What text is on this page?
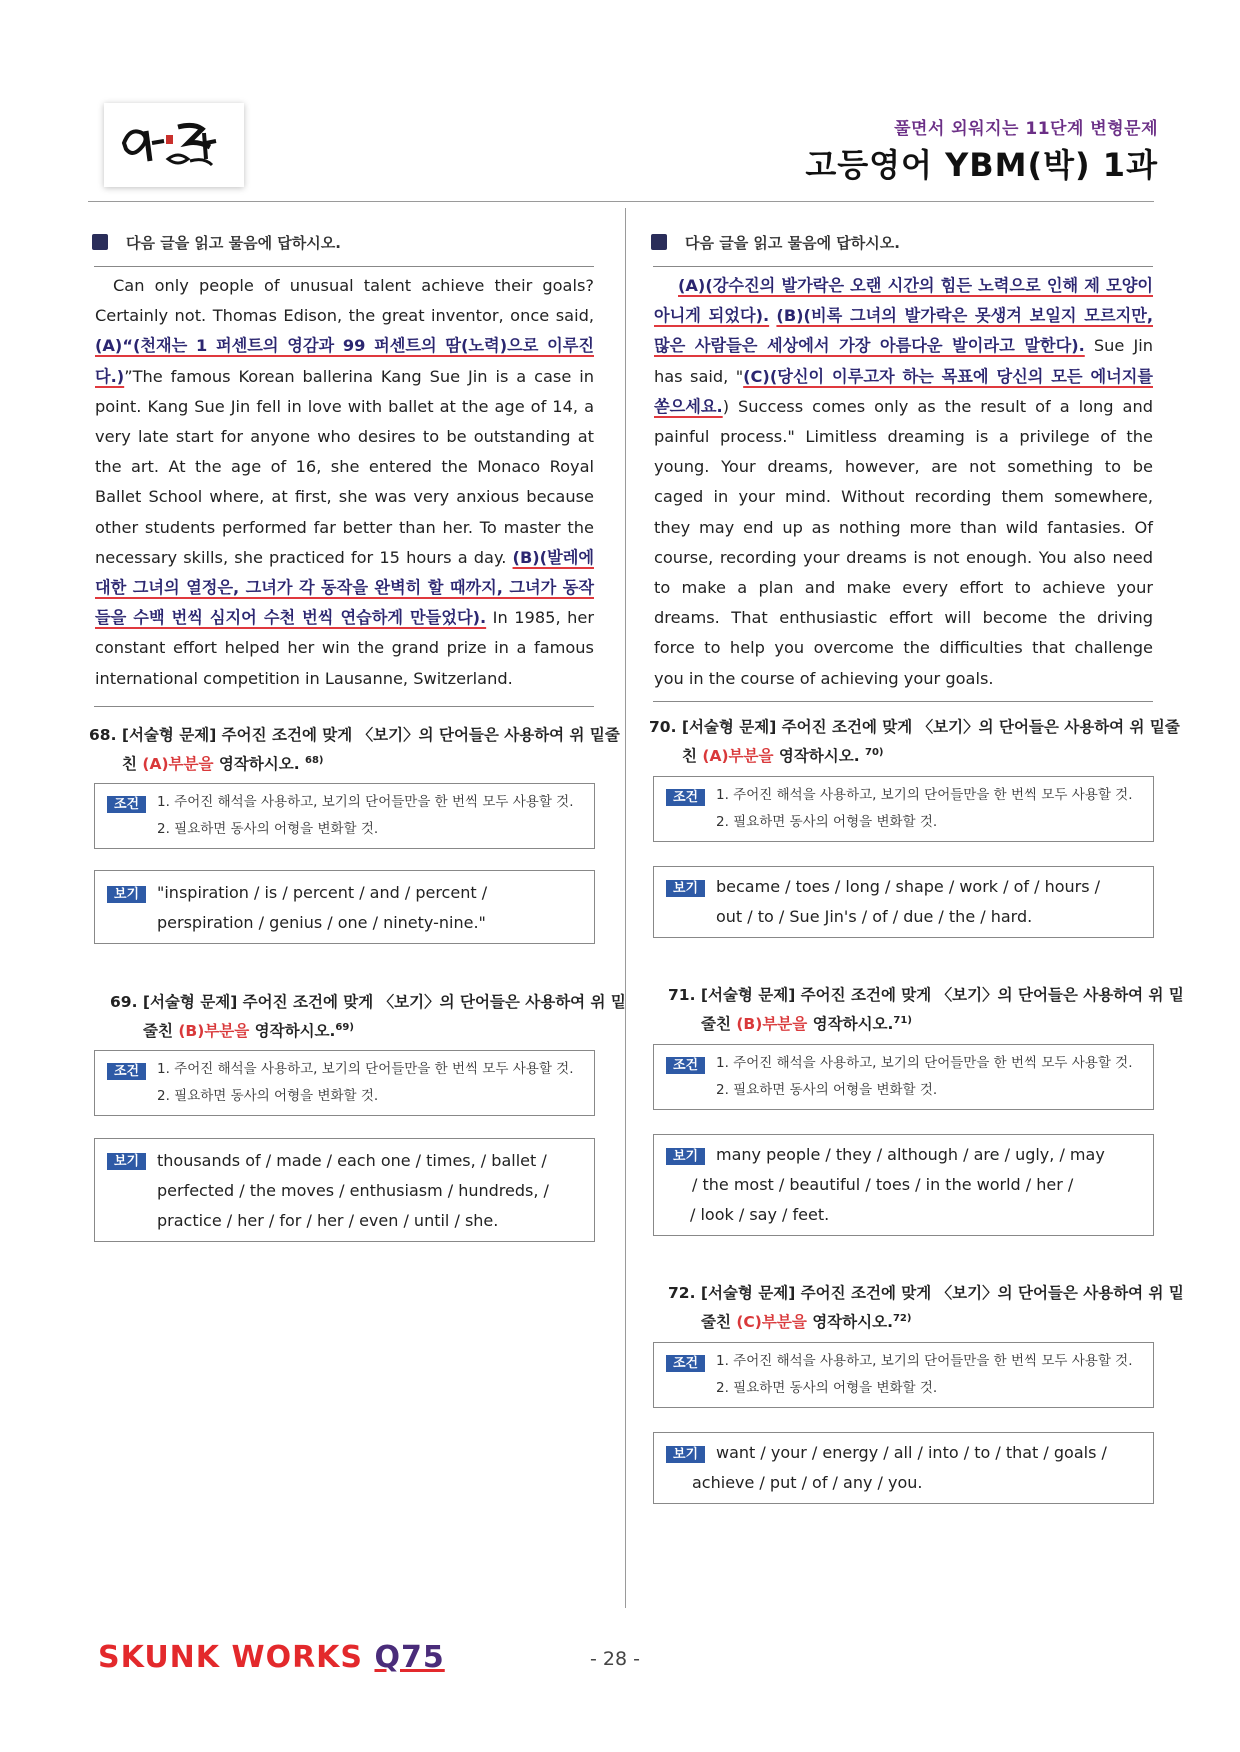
풀면서 외워지는 11단계 변형문제
고등영어 YBM(박) 1과
다음 글을 읽고 물음에 답하시오.
Can only people of unusual talent achieve their goals? Certainly not. Thomas Edison, the great inventor, once said, (A)“(천재는 1 퍼센트의 영감과 99 퍼센트의 땀(노력)으로 이루진 다.)”The famous Korean ballerina Kang Sue Jin is a case in point. Kang Sue Jin fell in love with ballet at the age of 14, a very late start for anyone who desires to be outstanding at the art. At the age of 16, she entered the Monaco Royal Ballet School where, at first, she was very anxious because other students performed far better than her. To master the necessary skills, she practiced for 15 hours a day. (B)(발레에 대한 그녀의 열정은, 그녀가 각 동작을 완벽히 할 때까지, 그녀가 동작들을 수백 번씩 심지어 수천 번씩 연습하게 만들었다). In 1985, her constant effort helped her win the grand prize in a famous international competition in Lausanne, Switzerland.
68. [서술형 문제] 주어진 조건에 맞게 〈보기〉의 단어들은 사용하여 위 밑줄친 (A)부분을 영작하시오. $^{68)}$
조건	1. 주어진 해석을 사용하고, 보기의 단어들만을 한 번씩 모두 사용할 것.
2. 필요하면 동사의 어형을 변화할 것.
보기	"inspiration / is / percent / and / percent /
perspiration / genius / one / ninety-nine."
69. [서술형 문제] 주어진 조건에 맞게 〈보기〉의 단어들은 사용하여 위 밑줄친 (B)부분을 영작하시오.$^{69)}$
조건	1. 주어진 해석을 사용하고, 보기의 단어들만을 한 번씩 모두 사용할 것.
2. 필요하면 동사의 어형을 변화할 것.
보기	thousands of / made / each one / times, / ballet /
perfected / the moves / enthusiasm / hundreds, /
practice / her / for / her / even / until / she.
다음 글을 읽고 물음에 답하시오.
(A)(강수진의 발가락은 오랜 시간의 힘든 노력으로 인해 제 모양이 아니게 되었다). (B)(비록 그녀의 발가락은 못생겨 보일지 모르지만, 많은 사람들은 세상에서 가장 아름다운 발이라고 말한다). Sue Jin has said, "(C)(당신이 이루고자 하는 목표에 당신의 모든 에너지를 쏟으세요.) Success comes only as the result of a long and painful process." Limitless dreaming is a privilege of the young. Your dreams, however, are not something to be caged in your mind. Without recording them somewhere, they may end up as nothing more than wild fantasies. Of course, recording your dreams is not enough. You also need to make a plan and make every effort to achieve your dreams. That enthusiastic effort will become the driving force to help you overcome the difficulties that challenge you in the course of achieving your goals.
70. [서술형 문제] 주어진 조건에 맞게 〈보기〉의 단어들은 사용하여 위 밑줄친 (A)부분을 영작하시오. $^{70)}$
조건	1. 주어진 해석을 사용하고, 보기의 단어들만을 한 번씩 모두 사용할 것.
2. 필요하면 동사의 어형을 변화할 것.
보기	became / toes / long / shape / work / of / hours /
out / to / Sue Jin's / of / due / the / hard.
71. [서술형 문제] 주어진 조건에 맞게 〈보기〉의 단어들은 사용하여 위 밑줄친 (B)부분을 영작하시오.$^{71)}$
조건	1. 주어진 해석을 사용하고, 보기의 단어들만을 한 번씩 모두 사용할 것.
2. 필요하면 동사의 어형을 변화할 것.
보기	many people / they / although / are / ugly, / may
/ the most / beautiful / toes / in the world / her /
/ look / say / feet.
72. [서술형 문제] 주어진 조건에 맞게 〈보기〉의 단어들은 사용하여 위 밑줄친 (C)부분을 영작하시오.$^{72)}$
조건	1. 주어진 해석을 사용하고, 보기의 단어들만을 한 번씩 모두 사용할 것.
2. 필요하면 동사의 어형을 변화할 것.
보기	want / your / energy / all / into / to / that / goals /
achieve / put / of / any / you.
SKUNK WORKS Q75	- 28 -
